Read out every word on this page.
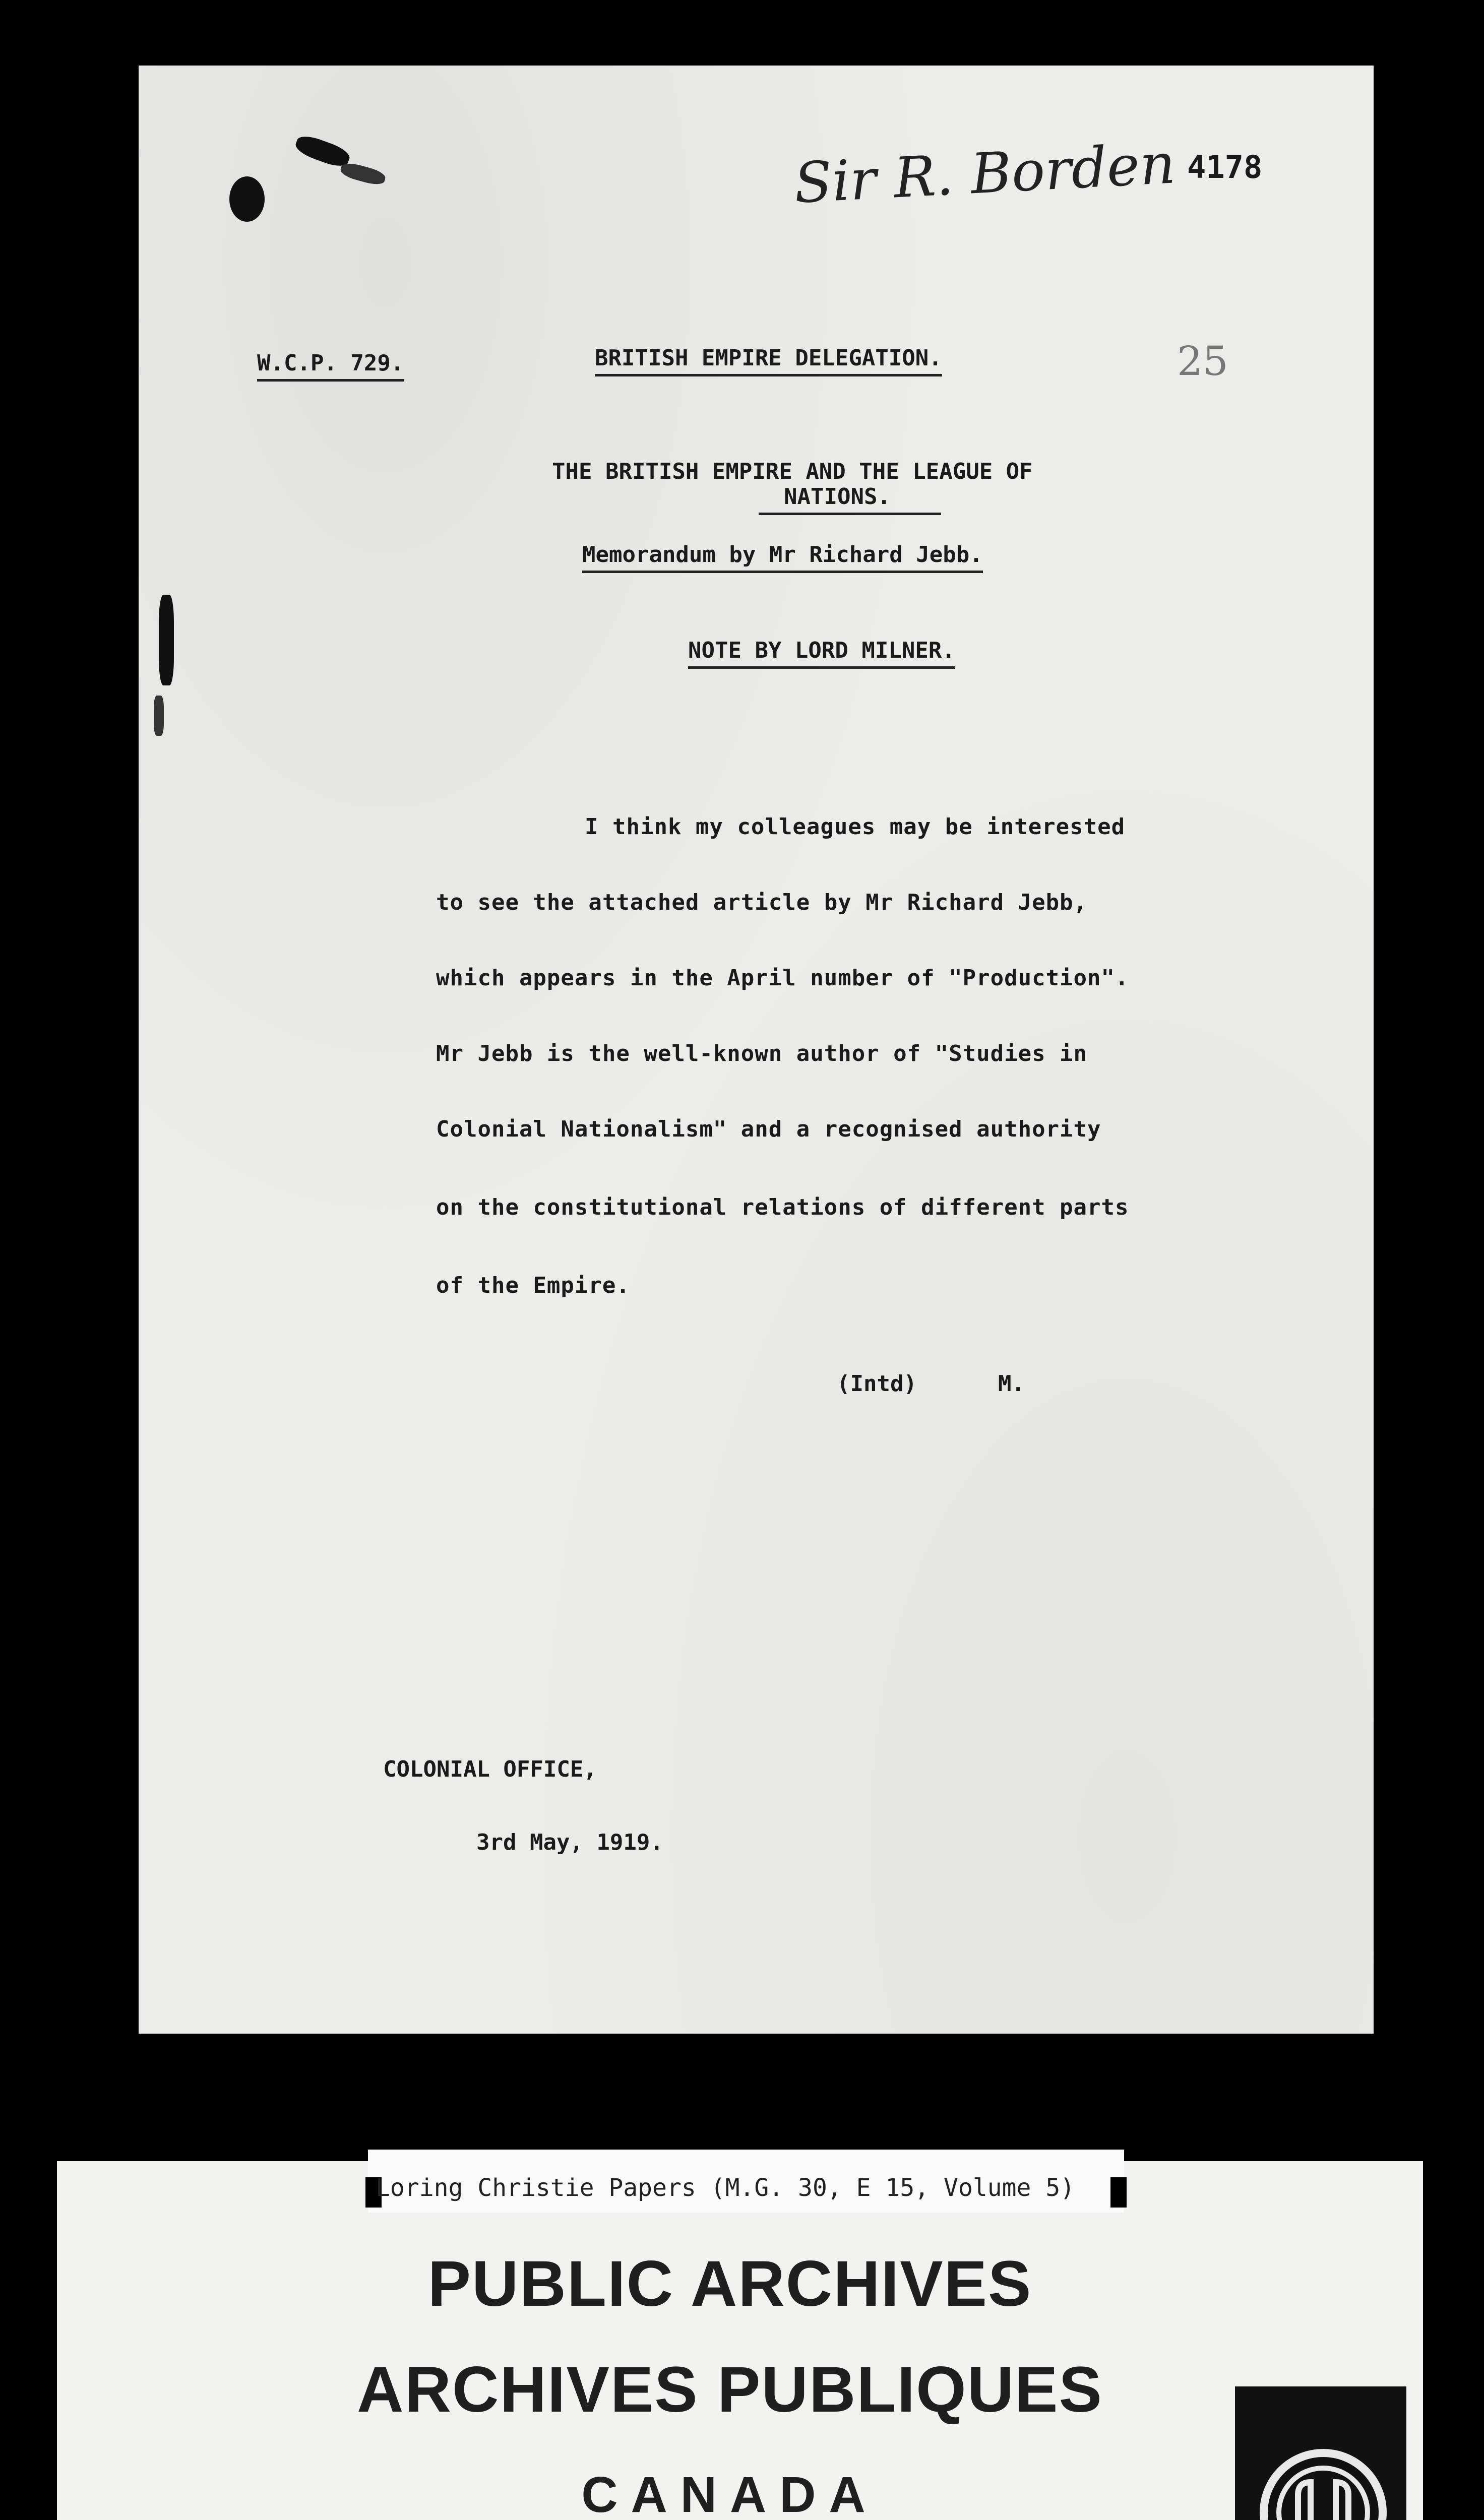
Sir R. Borden 4178
25
W.C.P. 729.	BRITISH EMPIRE DELEGATION.
THE BRITISH EMPIRE AND THE LEAGUE OF
NATIONS.
Memorandum by Mr Richard Jebb.
NOTE BY LORD MILNER.
I think my colleagues may be interested
to see the attached article by Mr Richard Jebb,
which appears in the April number of "Production".
Mr Jebb is the well-known author of "Studies in
Colonial Nationalism" and a recognised authority
on the constitutional relations of different parts
of the Empire.
(Intd)	M.
COLONIAL OFFICE,
3rd May, 1919.
PUBLIC ARCHIVES
ARCHIVES PUBLIQUES
CANADA
Loring Christie Papers (M.G. 30, E 15, Volume 5)
